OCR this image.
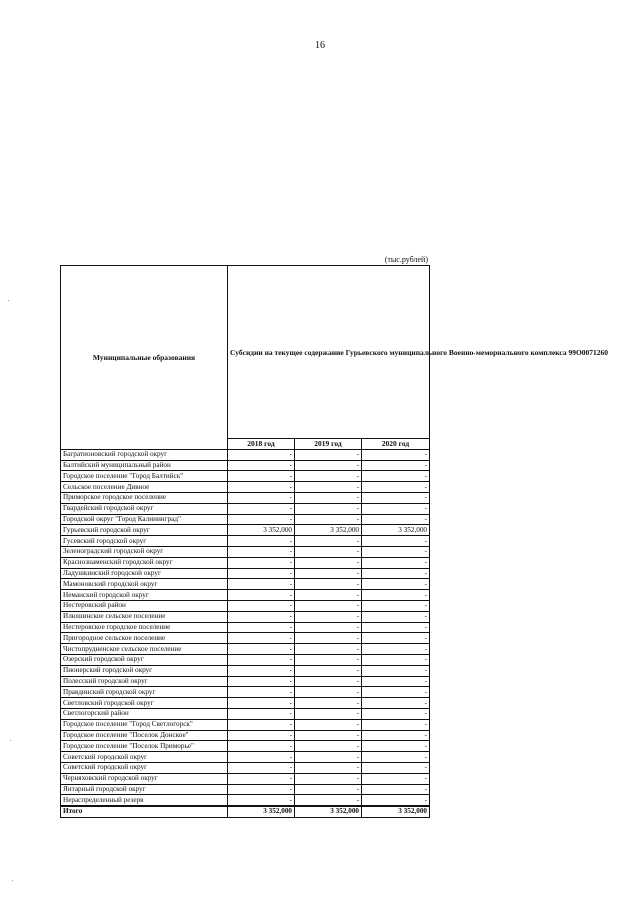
16
(тыс.рублей)
Муниципальные образования	Субсидии на текущее содержание Гурьевского муниципального Военно-мемориального комплекса 99О0071260		
	2018 год	2019 год	2020 год
Багратионовский городской округ	-	-	-
Балтийский муниципальный район	-	-	-
Городское поселение "Город Балтийск"	-	-	-
Сельское поселение Дивное	-	-	-
Приморское городское поселение	-	-	-
Гвардейский городской округ	-	-	-
Городской округ "Город Калининград"	-	-	-
Гурьевский городской округ	3 352,000	3 352,000	3 352,000
Гусевский городской округ	-	-	-
Зеленоградский городской округ	-	-	-
Краснознаменский городской округ	-	-	-
Ладушкинский городской округ	-	-	-
Мамоновский городской округ	-	-	-
Неманский городской округ	-	-	-
Нестеровский район	-	-	-
Илюшинское сельское поселение	-	-	-
Нестеровское городское поселение	-	-	-
Пригородное сельское поселение	-	-	-
Чистопрудненское сельское поселение	-	-	-
Озерский городской округ	-	-	-
Пионерский городской округ	-	-	-
Полесский городской округ	-	-	-
Правдинский городской округ	-	-	-
Светловский городской округ	-	-	-
Светлогорский район	-	-	-
Городское поселение "Город Светлогорск"	-	-	-
Городское поселение "Поселок Донское"	-	-	-
Городское поселение "Поселок Приморье"	-	-	-
Советский городской округ	-	-	-
Советский городской округ	-	-	-
Черняховский городской округ	-	-	-
Янтарный городской округ	-	-	-
Нераспределенный резерв	-	-	-
Итого	3 352,000	3 352,000	3 352,000
